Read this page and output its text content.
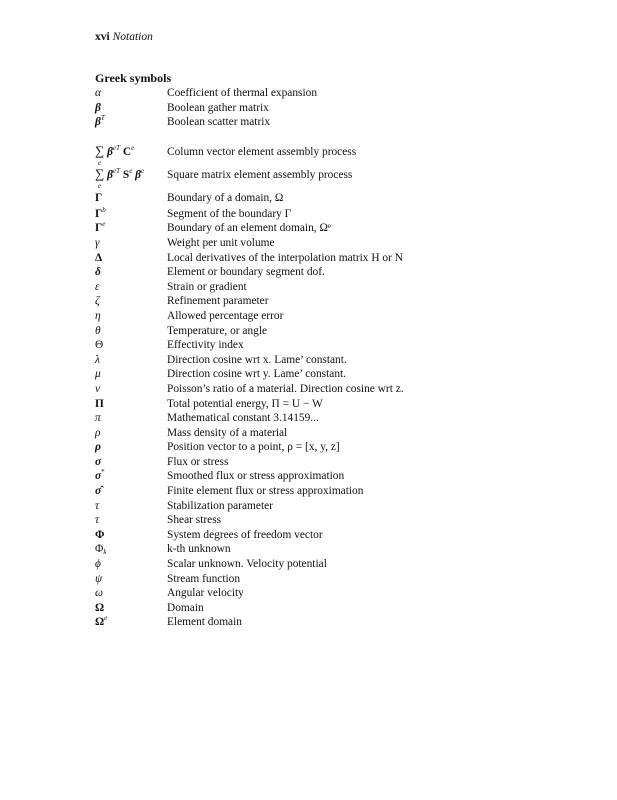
xvi Notation
Greek symbols
α	Coefficient of thermal expansion
β	Boolean gather matrix
$\beta^T$	Boolean scatter matrix
∑
e
$\beta^{eT}$ Ce	Column vector element assembly process
∑
e
$\beta^{eT}$ $S^e$ $\beta^e$	Square matrix element assembly process
Γ	Boundary of a domain, Ω
$\Gamma^b$	Segment of the boundary Γ
$\Gamma^e$	Boundary of an element domain, Ωᵉ
γ	Weight per unit volume
Δ	Local derivatives of the interpolation matrix H or N
δ	Element or boundary segment dof.
ε	Strain or gradient
ζ	Refinement parameter
η	Allowed percentage error
θ	Temperature, or angle
Θ	Effectivity index
λ	Direction cosine wrt x. Lame’ constant.
μ	Direction cosine wrt y. Lame’ constant.
ν	Poisson’s ratio of a material. Direction cosine wrt z.
Π	Total potential energy, Π = U − W
π	Mathematical constant 3.14159...
ρ	Mass density of a material
ρ	Position vector to a point, ρ = [x, y, z]
σ	Flux or stress
σ*	Smoothed flux or stress approximation
σ̂	Finite element flux or stress approximation
τ	Stabilization parameter
τ	Shear stress
Φ	System degrees of freedom vector
$\Phi_k$	k-th unknown
ϕ	Scalar unknown. Velocity potential
ψ	Stream function
ω	Angular velocity
Ω	Domain
$\Omega^e$	Element domain
